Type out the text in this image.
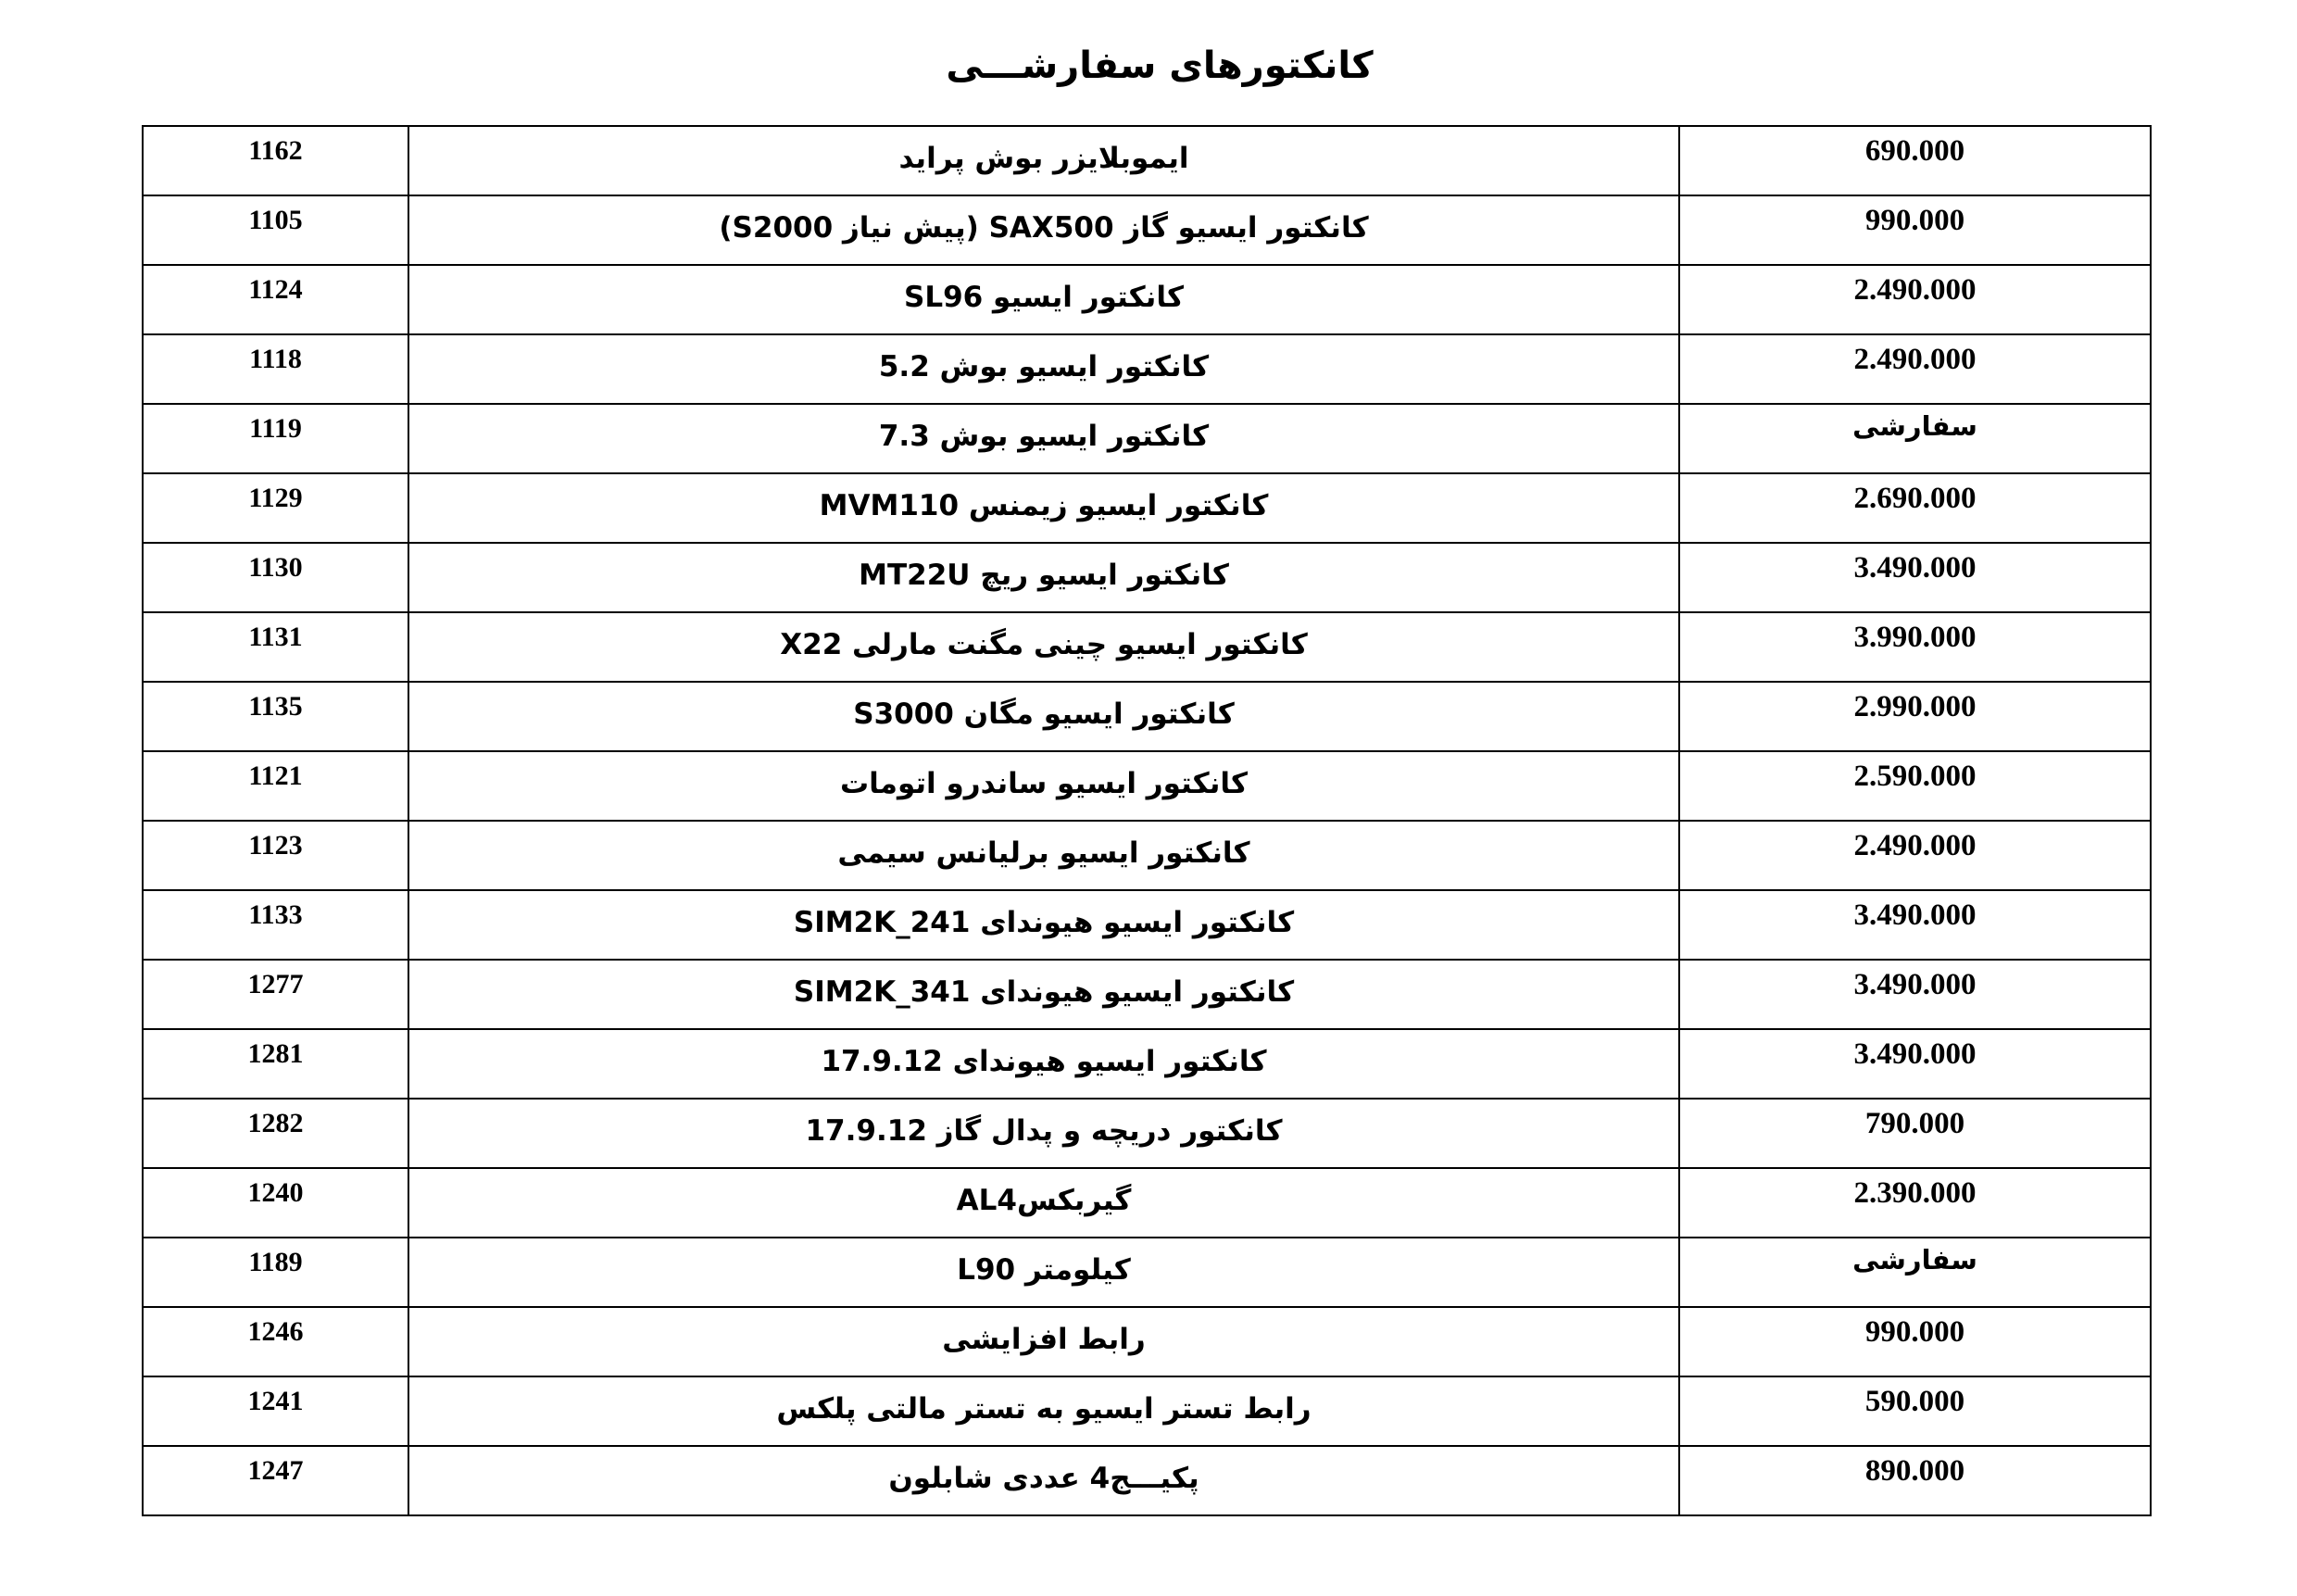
کانکتورهای سفارشـــی
690.000	ایموبلایزر بوش پراید	1162

990.000	کانکتور ایسیو گاز SAX500 (پیش نیاز S2000)	1105

2.490.000	کانکتور ایسیو SL96	1124

2.490.000	کانکتور ایسیو بوش 5.2	1118

سفارشی	کانکتور ایسیو بوش 7.3	1119

2.690.000	کانکتور ایسیو زیمنس MVM110	1129

3.490.000	کانکتور ایسیو ریچ MT22U	1130

3.990.000	کانکتور ایسیو چینی مگنت مارلی X22	1131

2.990.000	کانکتور ایسیو مگان S3000	1135

2.590.000	کانکتور ایسیو ساندرو اتومات	1121

2.490.000	کانکتور ایسیو برلیانس سیمی	1123

3.490.000	کانکتور ایسیو هیوندای SIM2K_241	1133

3.490.000	کانکتور ایسیو هیوندای SIM2K_341	1277

3.490.000	کانکتور ایسیو هیوندای 17.9.12	1281

790.000	کانکتور دریچه و پدال گاز 17.9.12	1282

2.390.000	گیربکسAL4	1240

سفارشی	کیلومتر L90	1189

990.000	رابط افزایشی	1246

590.000	رابط تستر ایسیو به تستر مالتی پلکس	1241

890.000	پکیـــج4 عددی شابلون	1247
